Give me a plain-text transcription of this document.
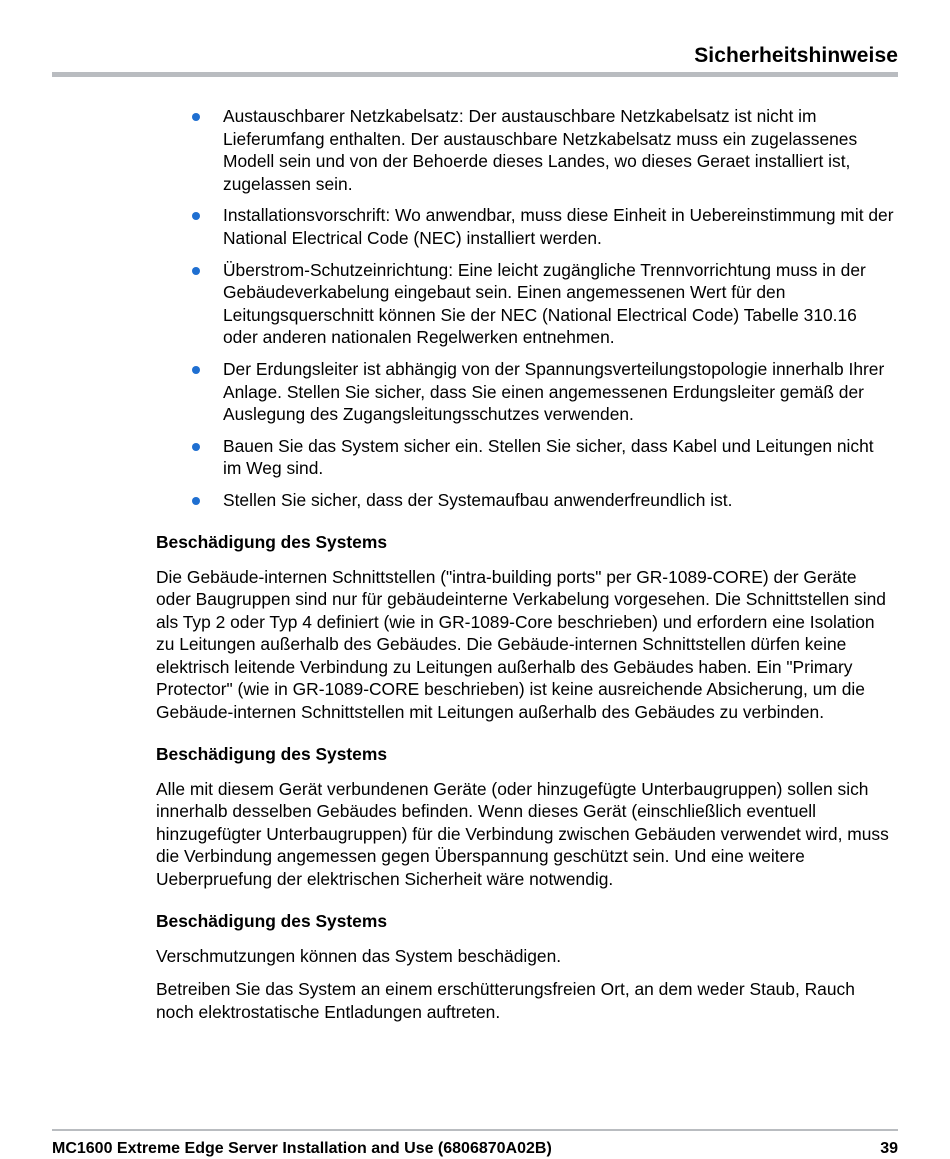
Sicherheitshinweise
Austauschbarer Netzkabelsatz: Der austauschbare Netzkabelsatz ist nicht im Lieferumfang enthalten. Der austauschbare Netzkabelsatz muss ein zugelassenes Modell sein und von der Behoerde dieses Landes, wo dieses Geraet installiert ist, zugelassen sein.
Installationsvorschrift: Wo anwendbar, muss diese Einheit in Uebereinstimmung mit der National Electrical Code (NEC) installiert werden.
Überstrom-Schutzeinrichtung: Eine leicht zugängliche Trennvorrichtung muss in der Gebäudeverkabelung eingebaut sein. Einen angemessenen Wert für den Leitungsquerschnitt können Sie der NEC (National Electrical Code) Tabelle 310.16 oder anderen nationalen Regelwerken entnehmen.
Der Erdungsleiter ist abhängig von der Spannungsverteilungstopologie innerhalb Ihrer Anlage. Stellen Sie sicher, dass Sie einen angemessenen Erdungsleiter gemäß der Auslegung des Zugangsleitungsschutzes verwenden.
Bauen Sie das System sicher ein. Stellen Sie sicher, dass Kabel und Leitungen nicht im Weg sind.
Stellen Sie sicher, dass der Systemaufbau anwenderfreundlich ist.
Beschädigung des Systems

Die Gebäude-internen Schnittstellen ("intra-building ports" per GR-1089-CORE) der Geräte oder Baugruppen sind nur für gebäudeinterne Verkabelung vorgesehen. Die Schnittstellen sind als Typ 2 oder Typ 4 definiert (wie in GR-1089-Core beschrieben) und erfordern eine Isolation zu Leitungen außerhalb des Gebäudes. Die Gebäude-internen Schnittstellen dürfen keine elektrisch leitende Verbindung zu Leitungen außerhalb des Gebäudes haben. Ein "Primary Protector" (wie in GR-1089-CORE beschrieben) ist keine ausreichende Absicherung, um die Gebäude-internen Schnittstellen mit Leitungen außerhalb des Gebäudes zu verbinden.

Beschädigung des Systems

Alle mit diesem Gerät verbundenen Geräte (oder hinzugefügte Unterbaugruppen) sollen sich innerhalb desselben Gebäudes befinden. Wenn dieses Gerät (einschließlich eventuell hinzugefügter Unterbaugruppen) für die Verbindung zwischen Gebäuden verwendet wird, muss die Verbindung angemessen gegen Überspannung geschützt sein. Und eine weitere Ueberpruefung der elektrischen Sicherheit wäre notwendig.

Beschädigung des Systems

Verschmutzungen können das System beschädigen.

Betreiben Sie das System an einem erschütterungsfreien Ort, an dem weder Staub, Rauch noch elektrostatische Entladungen auftreten.

MC1600 Extreme Edge Server Installation and Use (6806870A02B)	39
